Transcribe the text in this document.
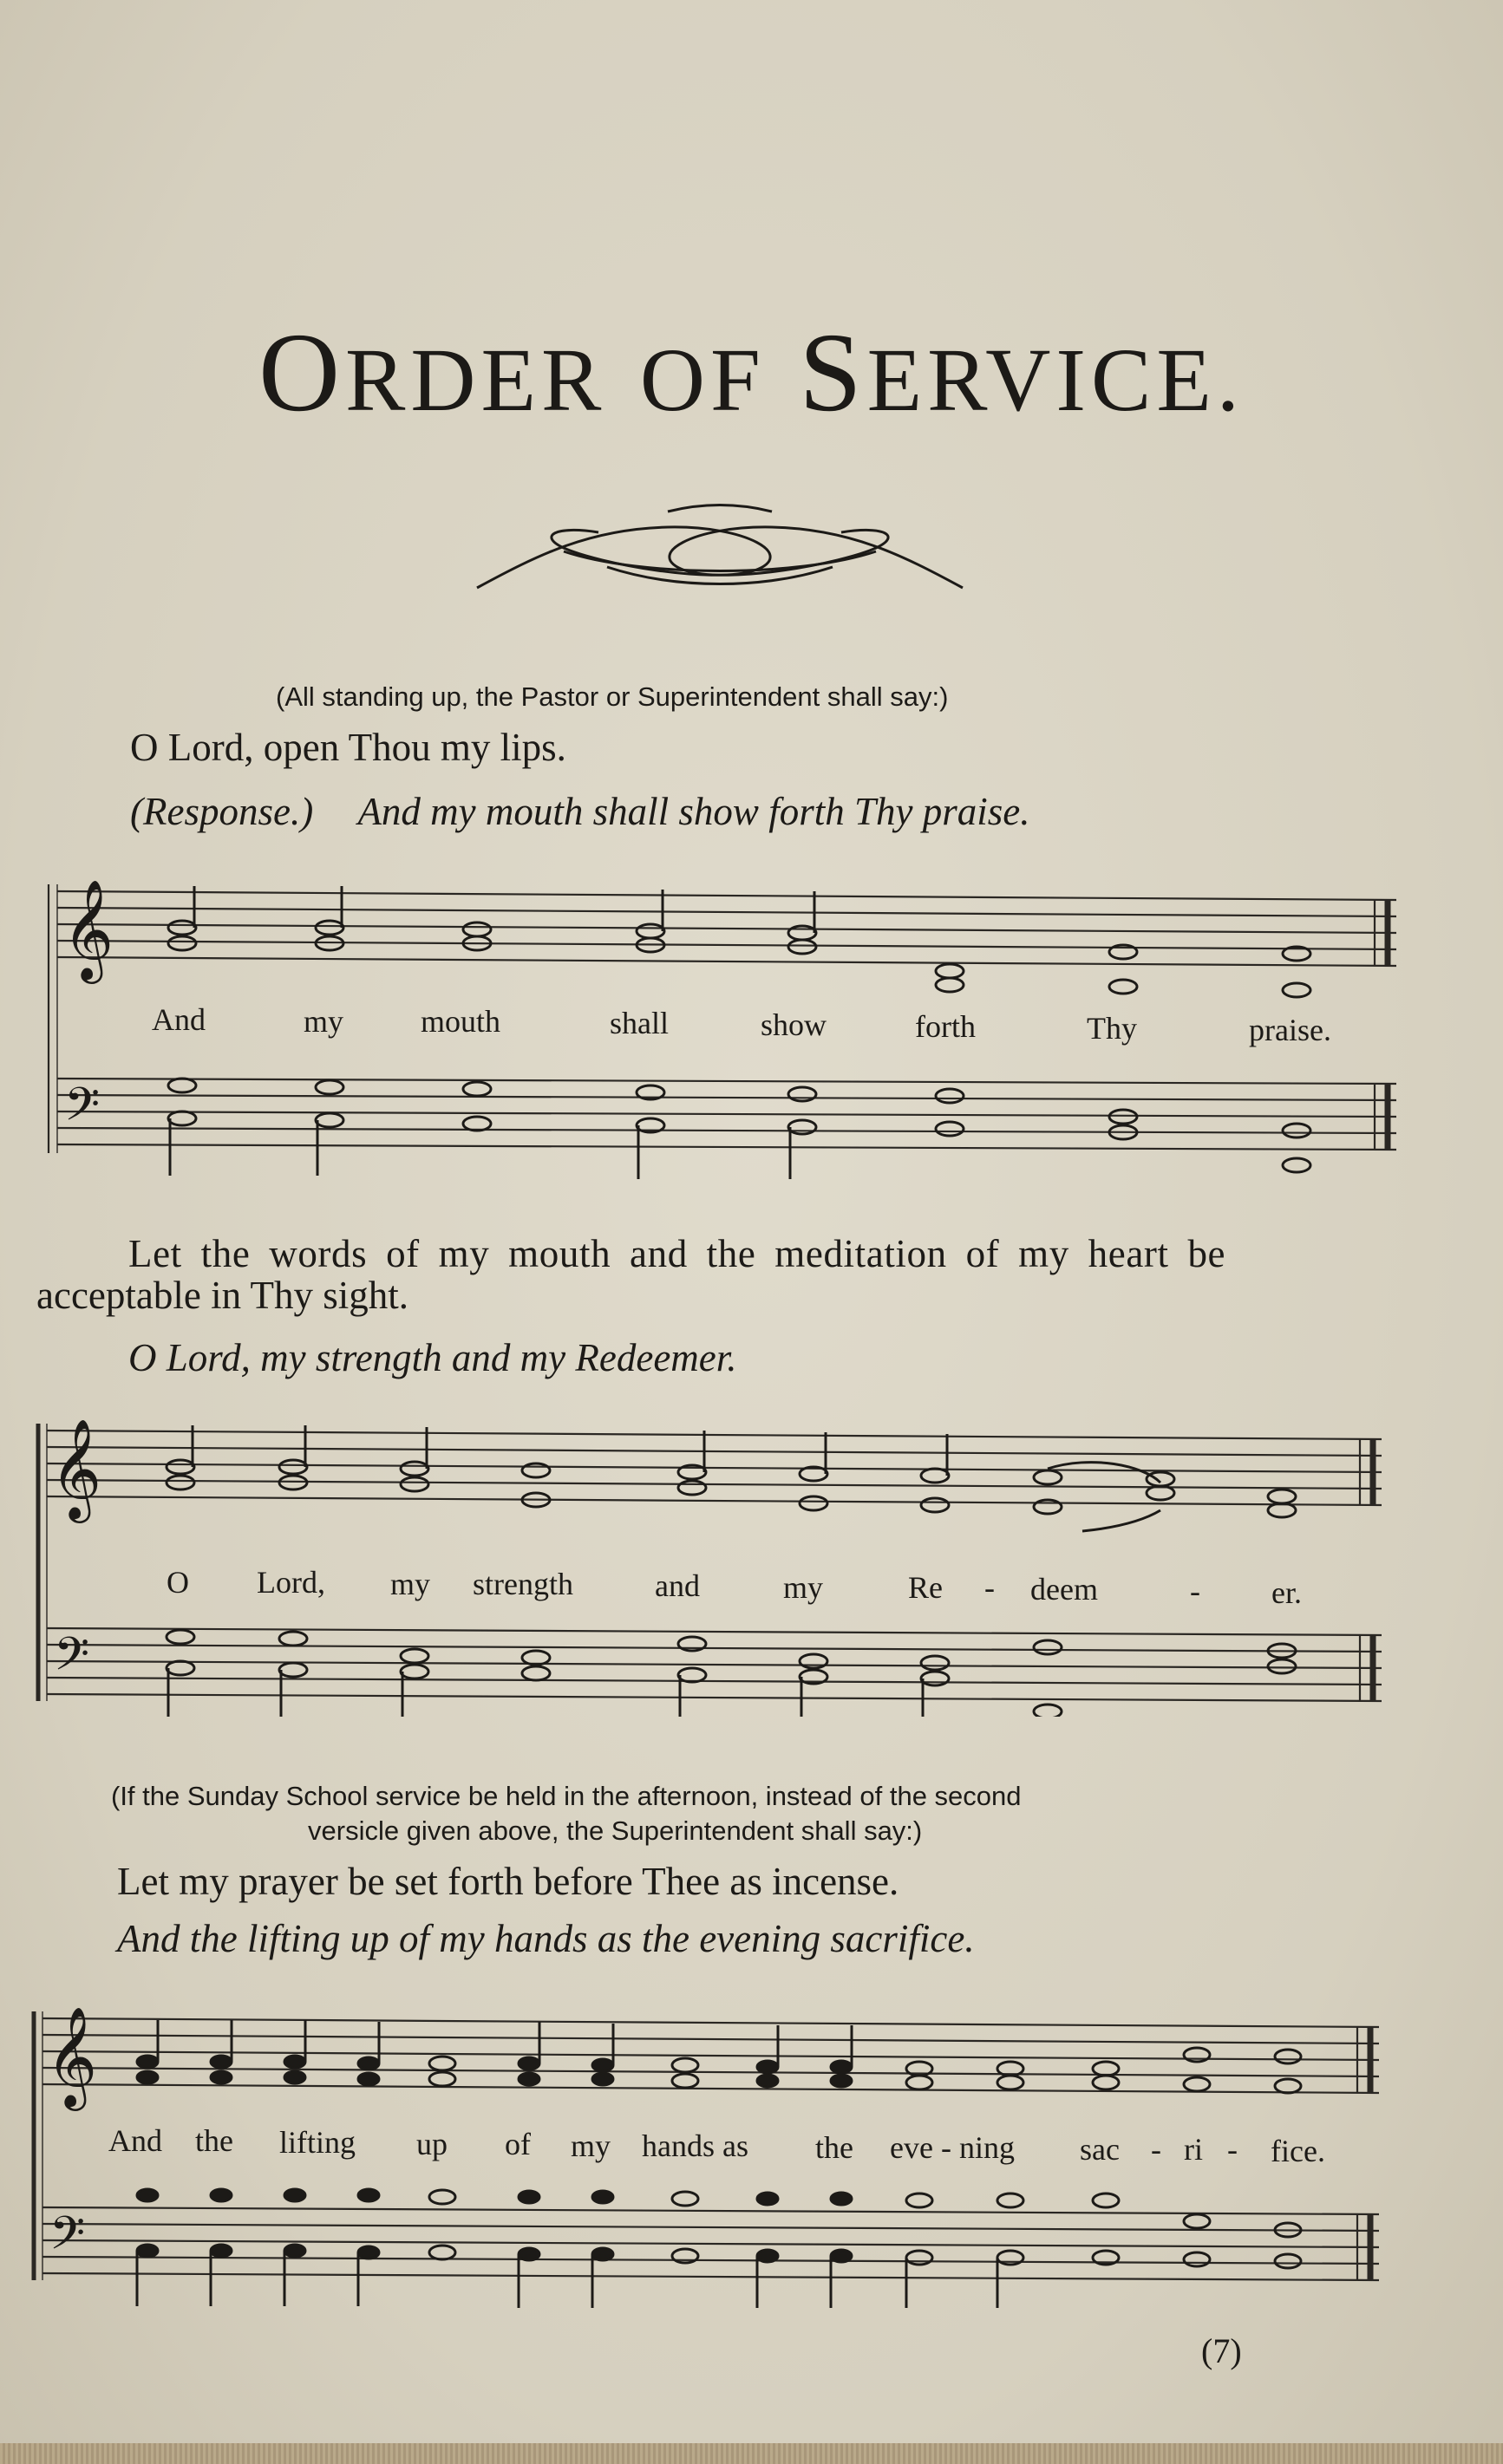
ORDER OF SERVICE.
(All standing up, the Pastor or Superintendent shall say:)
O Lord, open Thou my lips.
(Response.) And my mouth shall show forth Thy praise.
𝄞
𝄢
And	my mouth	shall	show	forth	Thy	praise.
Let the words of my mouth and the meditation of my heart be
acceptable in Thy sight.
O Lord, my strength and my Redeemer.
𝄞
𝄢
O Lord, my strength	and	my	Re - deem	- er.
(If the Sunday School service be held in the afternoon, instead of the second
versicle given above, the Superintendent shall say:)
Let my prayer be set forth before Thee as incense.
And the lifting up of my hands as the evening sacrifice.
𝄞
𝄢
And the lifting up of my hands as the eve - ning sac - ri - fice.
(7)
